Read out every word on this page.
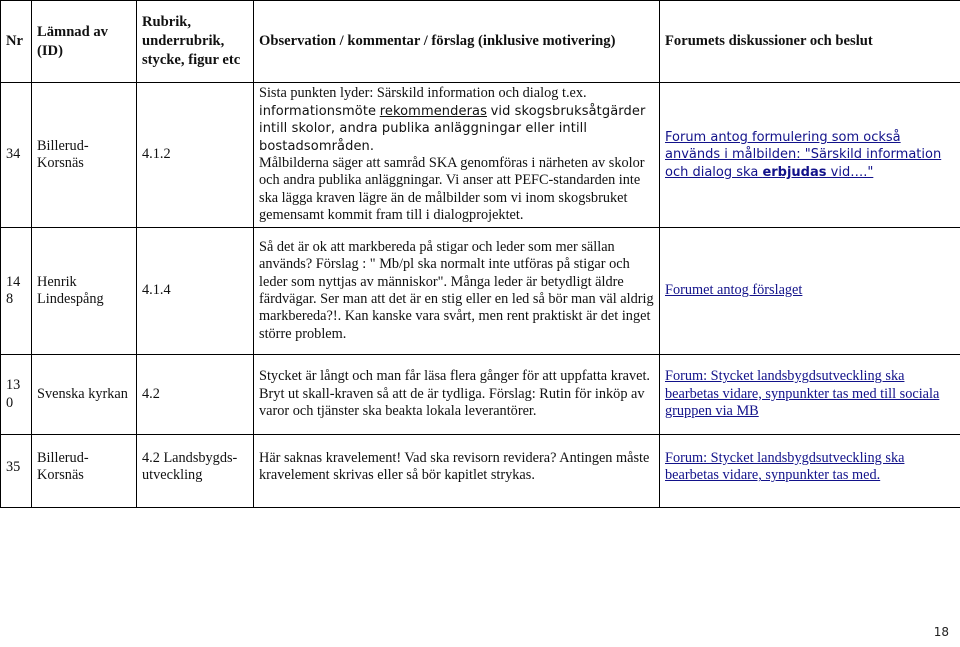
Nr	Lämnad av (ID)	Rubrik, underrubrik, stycke, figur etc	Observation / kommentar / förslag (inklusive motivering)	Forumets diskussioner och beslut
34	Billerud-Korsnäs	4.1.2	Sista punkten lyder: Särskild information och dialog t.ex.
informationsmöte rekommenderas vid skogsbruksåtgärder intill skolor, andra publika anläggningar eller intill bostadsområden.
Målbilderna säger att samråd SKA genomföras i närheten av skolor och andra publika anläggningar. Vi anser att PEFC-standarden inte ska lägga kraven lägre än de målbilder som vi inom skogsbruket gemensamt kommit fram till i dialogprojektet.	Forum antog formulering som också används i målbilden: "Särskild information och dialog ska erbjudas vid…."
148	Henrik Lindespång	4.1.4	Så det är ok att markbereda på stigar och leder som mer sällan används? Förslag : " Mb/pl ska normalt inte utföras på stigar och leder som nyttjas av människor". Många leder är betydligt äldre färdvägar. Ser man att det är en stig eller en led så bör man väl aldrig markbereda?!. Kan kanske vara svårt, men rent praktiskt är det inget större problem.	Forumet antog förslaget
130	Svenska kyrkan	4.2	Stycket är långt och man får läsa flera gånger för att uppfatta kravet. Bryt ut skall-kraven så att de är tydliga. Förslag: Rutin för inköp av varor och tjänster ska beakta lokala leverantörer.	Forum: Stycket landsbygdsutveckling ska bearbetas vidare, synpunkter tas med till sociala gruppen via MB
35	Billerud-Korsnäs	4.2 Landsbygds-utveckling	Här saknas kravelement! Vad ska revisorn revidera? Antingen måste kravelement skrivas eller så bör kapitlet strykas.	Forum: Stycket landsbygdsutveckling ska bearbetas vidare, synpunkter tas med.
18
